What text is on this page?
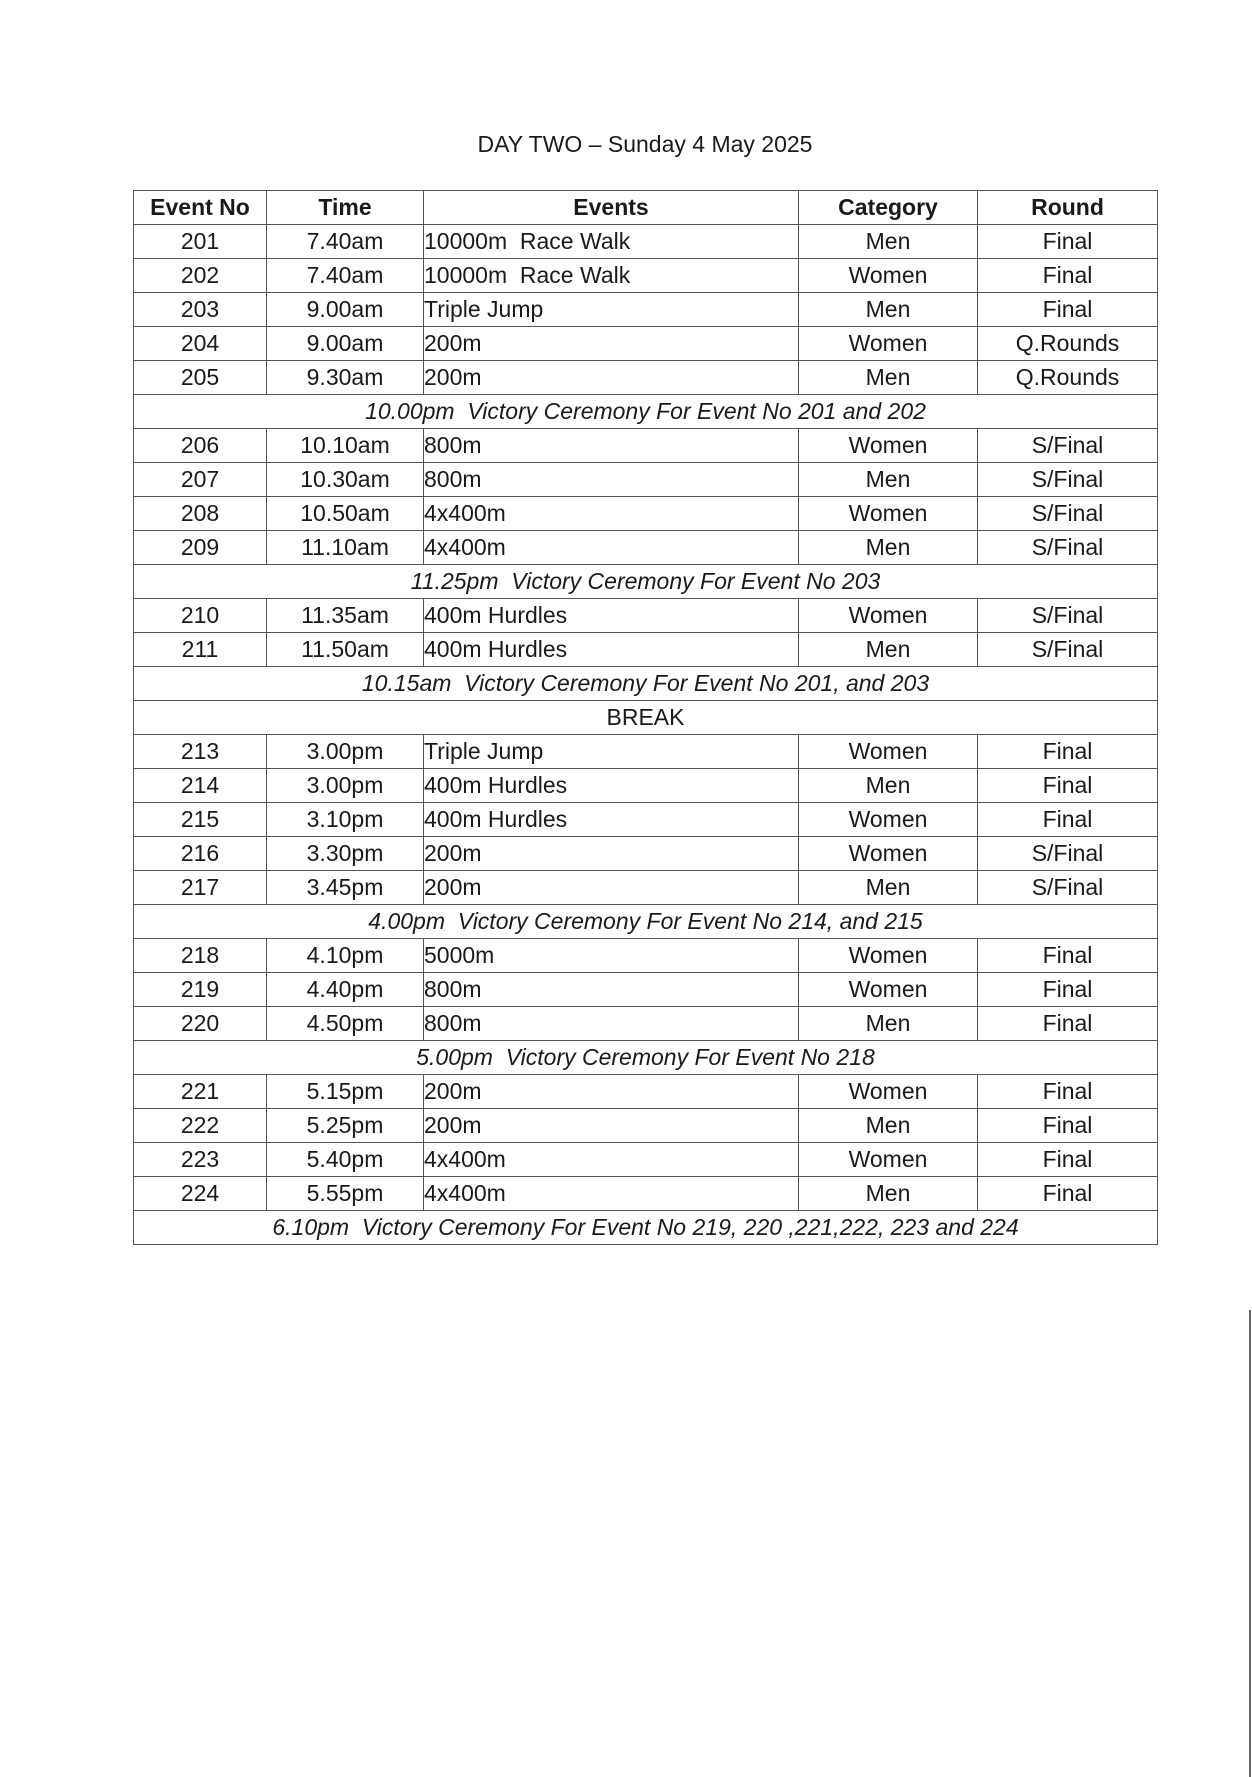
DAY TWO – Sunday 4 May 2025
Event No	Time	Events	Category	Round
201	7.40am	10000m  Race Walk	Men	Final
202	7.40am	10000m  Race Walk	Women	Final
203	9.00am	Triple Jump	Men	Final
204	9.00am	200m	Women	Q.Rounds
205	9.30am	200m	Men	Q.Rounds
10.00pm  Victory Ceremony For Event No 201 and 202				
206	10.10am	800m	Women	S/Final
207	10.30am	800m	Men	S/Final
208	10.50am	4x400m	Women	S/Final
209	11.10am	4x400m	Men	S/Final
11.25pm  Victory Ceremony For Event No 203				
210	11.35am	400m Hurdles	Women	S/Final
211	11.50am	400m Hurdles	Men	S/Final
10.15am  Victory Ceremony For Event No 201, and 203				
BREAK				
213	3.00pm	Triple Jump	Women	Final
214	3.00pm	400m Hurdles	Men	Final
215	3.10pm	400m Hurdles	Women	Final
216	3.30pm	200m	Women	S/Final
217	3.45pm	200m	Men	S/Final
4.00pm  Victory Ceremony For Event No 214, and 215				
218	4.10pm	5000m	Women	Final
219	4.40pm	800m	Women	Final
220	4.50pm	800m	Men	Final
5.00pm  Victory Ceremony For Event No 218				
221	5.15pm	200m	Women	Final
222	5.25pm	200m	Men	Final
223	5.40pm	4x400m	Women	Final
224	5.55pm	4x400m	Men	Final
6.10pm  Victory Ceremony For Event No 219, 220 ,221,222, 223 and 224				
